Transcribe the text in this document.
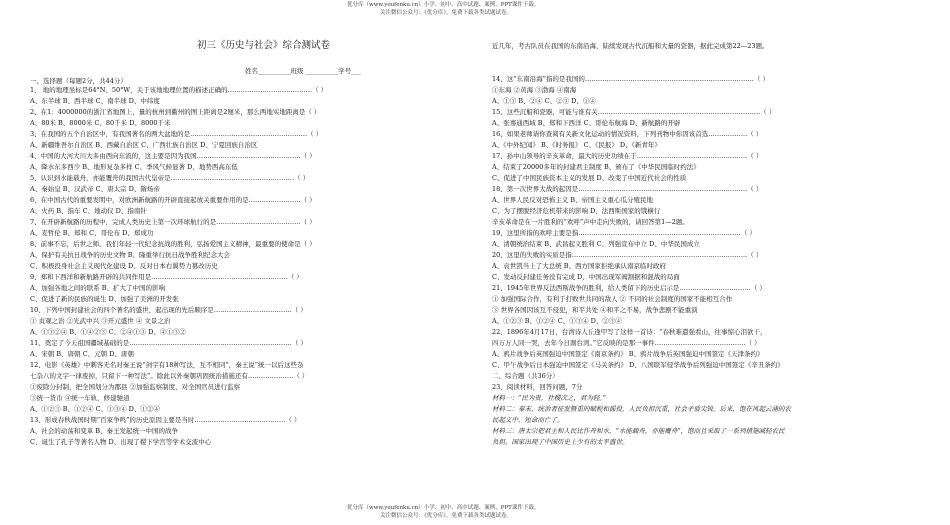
优分库（www.youfenku.cn）小学、初中、高中试题、案例、PPT课件下载。
关注微信公众号：《优分库》，免费下载各类试题试卷。
初三《历史与社会》综合测试卷
姓名__________班级 __________学号___
一、选择题（每题2分，共44分）
1、 地的地理坐标是64°N、50°W，关于该地地理位置的描述正确的…………………………………（ ）
A、东半球 B、西半球 C、南半球 D、中纬度
2、在1：4000000的浙江省地图上，量的杭州到衢州的图上距离是2厘米，那么两地实地距离是（ ）
A、80米 B、8000米 C、80千米 D、8000千米
3、在我国的五个自治区中，有我国著名的两大盆地的是………………………………………………（ ）
A、新疆维吾尔自治区 B、西藏自治区 C、广西壮族自治区 D、宁夏回族自治区
4、中国的大河大川大多由西向东流的，这主要是因为我国…………………………………………（ ）
A、降水东多西少 B、地形复杂多样 C、季风气候显著 D、地势西高东低
5、认识到水能载舟，亦能覆舟的我国古代皇帝是…………………………………………………（ ）
A、秦始皇 B、汉武帝 C、唐太宗 D、隋炀帝
6、在中国古代的重要发明中，对欧洲新航路的开辟直接起放关重要作用的是……………………（ ）
A、火药 B、指车 C、地动仪 D、指南针
7、在开辟新航路的历程中，完成人类历史上第一次环球航行的是…………………………………（ ）
A、麦哲伦 B、郑和 C、哥伦布 D、郑成功
8、前事不忘，后世之师。我们年轻一代纪念抗战的胜利，弘扬爱国主义精神，最重要的使命是（ ）
A、保护有关抗日战争的历史文物 B、隆重举行抗日战争胜利纪念大会
C、积极投身社会主义现代化建设 D、反对日本右翼势力篡改历史
9、郑和下西洋和新航路开辟的共同作用是………………………………………………………（ ）
A、加强各地之间的联系 B、扩大了中国的影响
C、促进了新的民族的诞生 D、加强了美洲的开发张
10、下列中国封建社会的四个著名的盛世，起出现的先后顺序是………………………………（ ）
① 贞观之治 ②光武中兴 ③开元盛世 ④ 文景之治
A、①③②④ B、①④②③ C、②④①③ D、④①③②
11、奠定了今天祖国疆域基础的是…………………………………………………………………（ ）
A、宋朝 B、唐朝 C、元朝 D、唐朝
12、电影《英雄》中刺客无名对秦王说“剑字有18种写法，互不相同”，秦王说“统一以后这些杂
七杂八的文字一律废掉，只留下一种写法”。除此以外秦朝巩固统治措施还有…………………（ ）
①废除分封制，把全国划分为郡县 ②加强监察制度，对全国官员进行监察
③统一货币 ④统一车轨，修建驰道
A、①②③ B、①②④ C、①③④ D、①②④
13、形成春秋战国时期“百家争鸣”的历史原因主要是当时……………………………………（ ）
A、社会的动荡和变革 B、秦王发起统一中国的战争
C、诞生了孔子等著名人物 D、出现了稷下学宫等学术交流中心
近几年，考古队员在我国的东南沿海，陆续发现古代沉船和大量的瓷器，据此完成第22—23题。
14、这“东南沿海”指的是我国的……………………………………………………………………（ ）
①东海 ②黄海 ③渤海 ④南海
A、①③ B、②④ C、②③ D、①④
15、这些沉船和瓷器，可能与谁有关…………………………………………………………………（ ）
A、张骞通西域 B、郑和下西洋 C、哥伦布航海 D、新航路的开辟
16、如果老师请你查阅有关新文化运动的情况资料，下列刊物中你因该首选………………（ ）
A、《中外纪闻》 B、《时务报》 C、《民报》 D、《新青年》
17、孙中山领导的辛亥革命，最大的历史功绩在于……………………………………………（ ）
A、结束了20000多年的封建君主制度 B、颁布了《中华民国临时约法》
C、促进了中国民族资本主义的发展 D、改变了中国近代社会的性质
18、第一次世界大战的起因是……………………………………………………………………（ ）
A、世界人民反对恐怖主义 B、帝国主义重心瓜分殖民地
C、为了摆脱经济危机带来的影响 D、法西斯国家的饿横行
辛亥革命是在一片胜利的“欢呼”声中走向失败的，请回答第1—2题。
19、这里所指的欢呼主要是指…………………………………………………………………（ ）
A、清朝统治结束 B、武昌起义胜利 C、列强宣布中立 D、中华民国成立
20、这里的失败的实质是指………………………………………………………………………（ ）
A、袁世凯当上了大总统 B、西方国家拒绝承认南京临时政府
C、发动反封建任务没有完成 D、中国出现军阀割据和混战的局面
21、1945年世界反法西斯战争的胜利，给人类留下的历史启示是……………………………（ ）
① 加强国际合作，有利于打败世共同的敌人 ② 不同的社会制度的国家不能相互合作
③ 世界各国因该互不侵犯，和平共处 ④和平之不易，战争悲剧不能重演
A、①②③ B、①②④ C、①③④ D、②③④
22、1896年4月17日，台湾诗人丘逢甲写了这样一首诗：“春秋难遣强看山，往事惊心泪欲干，
四万万人同一哭，去年今日割台湾。”它反映的是那一事件……………………………………（ ）
A、鸦片战争后英国强迫中国签定《南京条约》 B、鸦片战争后英国强迫中国签定《天津条约》
C、甲午战争后日本强迫中国签定《马关条约》 D、八国联军侵华战争后列强迫中国签定《辛丑条约》
二、综合题（共36分）
23、阅读材料，回答问题，7分
材料一：“民为贵，社稷次之，君为轻。”
材料二：秦末，统治者征发暨重的赋税和徭役，人民负担沉重，社会矛盾尖锐。后来，饱在风起云涌的农
民起义中，短命而亡了。
材料三：唐太宗把君主和人民比作舟和水，“水能载舟，亦能覆舟”，饱而且采取了一系列措施减轻农民
负担，国家出现了中国历史上少有的太平盛世。
优分库（www.youfenku.cn）小学、初中、高中试题、案例、PPT课件下载。
关注微信公众号：《优分库》，免费下载各类试题试卷。
